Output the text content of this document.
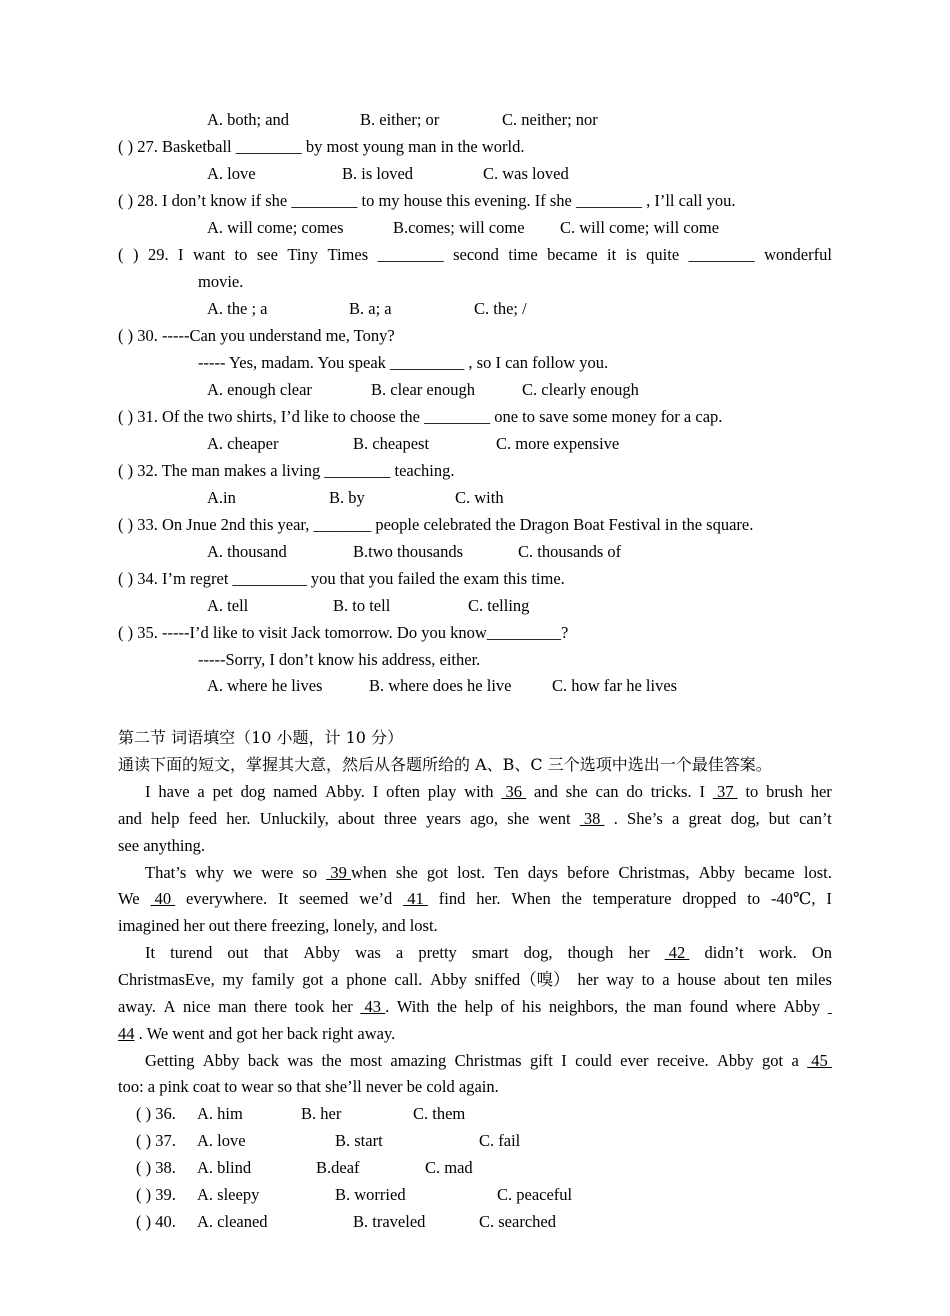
A. both; and	B. either; or	C. neither; nor
( ) 27. Basketball ________ by most young man in the world.
A. love	B. is loved	C. was loved
( ) 28. I don’t know if she ________ to my house this evening. If she ________ , I’ll call you.
A. will come; comes	B.comes; will come C. will come; will come
( ) 29. I want to see Tiny Times ________ second time became it is quite ________ wonderful
movie.
A. the ; a	B. a; a	C. the; /
( ) 30. -----Can you understand me, Tony?
----- Yes, madam. You speak _________ , so I can follow you.
A. enough clear	B. clear enough	C. clearly enough
( ) 31. Of the two shirts, I’d like to choose the ________ one to save some money for a cap.
A. cheaper	B. cheapest	C. more expensive
( ) 32. The man makes a living ________ teaching.
A.in	B. by	C. with
( ) 33. On Jnue 2nd this year, _______ people celebrated the Dragon Boat Festival in the square.
A. thousand	B.two thousands	C. thousands of
( ) 34. I’m regret _________ you that you failed the exam this time.
A. tell	B. to tell	C. telling
( ) 35. -----I’d like to visit Jack tomorrow. Do you know_________?
-----Sorry, I don’t know his address, either.
A. where he lives	B. where does he live C. how far he lives
第二节 词语填空（10 小题，计 10 分）
通读下面的短文，掌握其大意，然后从各题所给的 A、B、C 三个选项中选出一个最佳答案。
I have a pet dog named Abby. I often play with 36 and she can do tricks. I 37 to brush her
and help feed her. Unluckily, about three years ago, she went 38 . She’s a great dog, but can’t
see anything.
That’s why we were so 39 when she got lost. Ten days before Christmas, Abby became lost.
We 40 everywhere. It seemed we’d 41 find her. When the temperature dropped to -40℃, I
imagined her out there freezing, lonely, and lost.
It turend out that Abby was a pretty smart dog, though her 42 didn’t work. On
ChristmasEve, my family got a phone call. Abby sniffed（嗅） her way to a house about ten miles
away. A nice man there took her 43 . With the help of his neighbors, the man found where Abby

44 . We went and got her back right away.
Getting Abby back was the most amazing Christmas gift I could ever receive. Abby got a 45
too: a pink coat to wear so that she’ll never be cold again.
( ) 36. A. him	B. her	C. them
( ) 37. A. love	B. start	C. fail
( ) 38. A. blind	B.deaf	C. mad
( ) 39. A. sleepy	B. worried	C. peaceful
( ) 40. A. cleaned	B. traveled	C. searched
